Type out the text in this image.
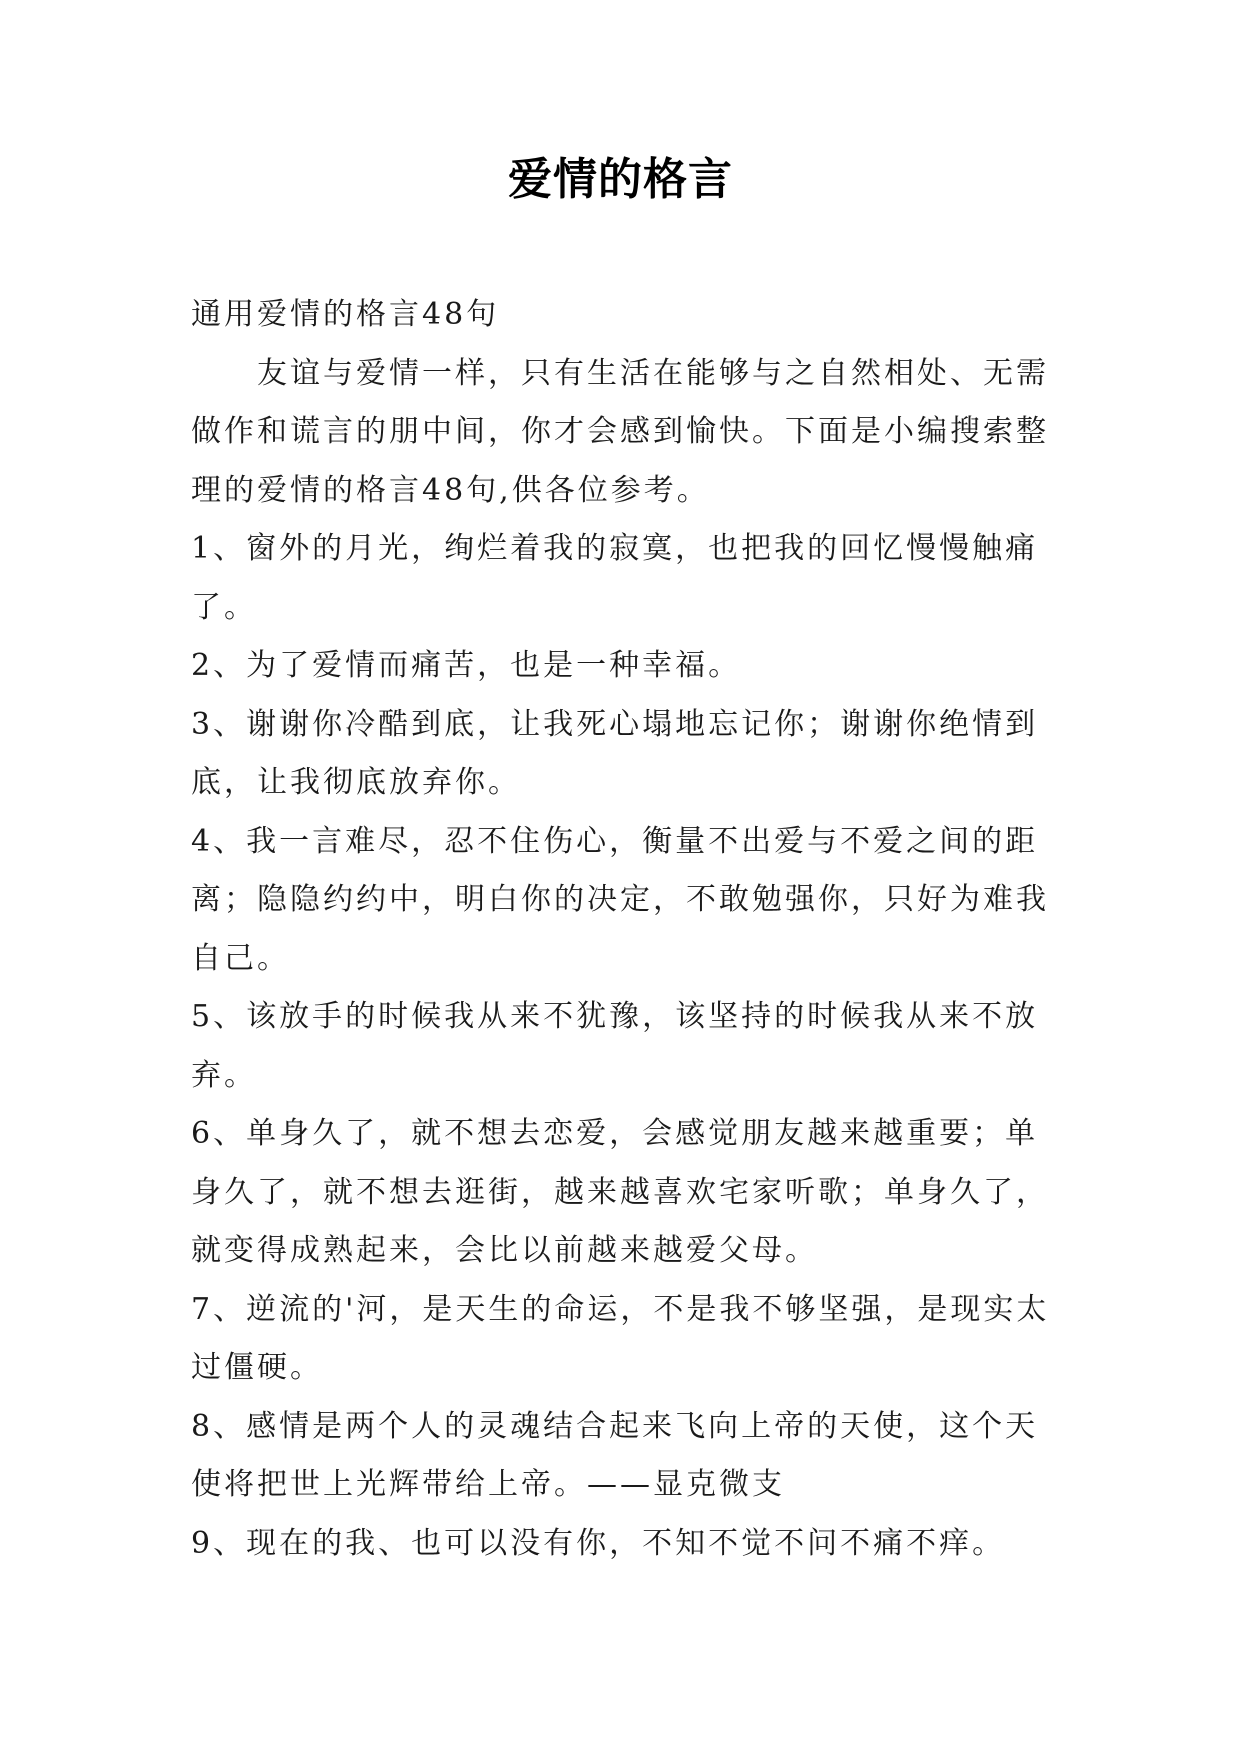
爱情的格言

通用爱情的格言48句

友谊与爱情一样，只有生活在能够与之自然相处、无需做作和谎言的朋中间，你才会感到愉快。下面是小编搜索整理的爱情的格言48句,供各位参考。

1、窗外的月光，绚烂着我的寂寞，也把我的回忆慢慢触痛了。

2、为了爱情而痛苦，也是一种幸福。

3、谢谢你冷酷到底，让我死心塌地忘记你；谢谢你绝情到底，让我彻底放弃你。

4、我一言难尽，忍不住伤心，衡量不出爱与不爱之间的距离；隐隐约约中，明白你的决定，不敢勉强你，只好为难我自己。

5、该放手的时候我从来不犹豫，该坚持的时候我从来不放弃。

6、单身久了，就不想去恋爱，会感觉朋友越来越重要；单身久了，就不想去逛街，越来越喜欢宅家听歌；单身久了，就变得成熟起来，会比以前越来越爱父母。

7、逆流的'河，是天生的命运，不是我不够坚强，是现实太过僵硬。

8、感情是两个人的灵魂结合起来飞向上帝的天使，这个天使将把世上光辉带给上帝。——显克微支

9、现在的我、也可以没有你，不知不觉不问不痛不痒。
